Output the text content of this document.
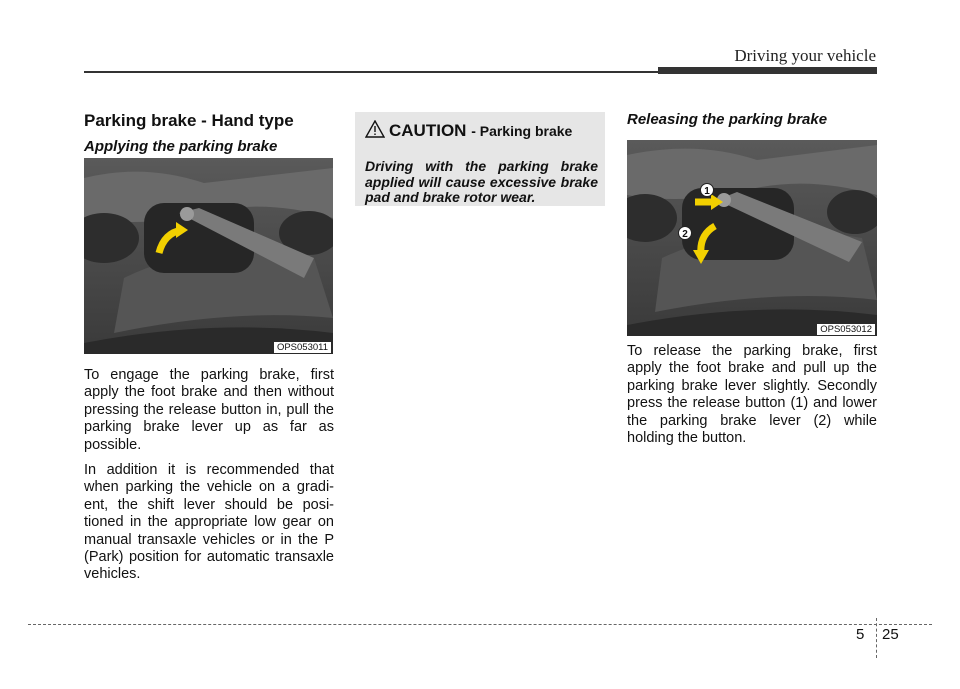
Driving your vehicle
Parking brake - Hand type
Applying the parking brake
OPS053011

To engage the parking brake, first apply the foot brake and then without pressing the release button in, pull the parking brake lever up as far as possible.

In addition it is recommended that when parking the vehicle on a gradi-ent, the shift lever should be posi-tioned in the appropriate low gear on manual transaxle vehicles or in the P (Park) position for automatic transaxle vehicles.

CAUTION - Parking brake

Driving with the parking brake applied will cause excessive brake pad and brake rotor wear.

Releasing the parking brake
1
2
OPS053012

To release the parking brake, first apply the foot brake and pull up the parking brake lever slightly. Secondly press the release button (1) and lower the parking brake lever (2) while holding the button.

5 25
